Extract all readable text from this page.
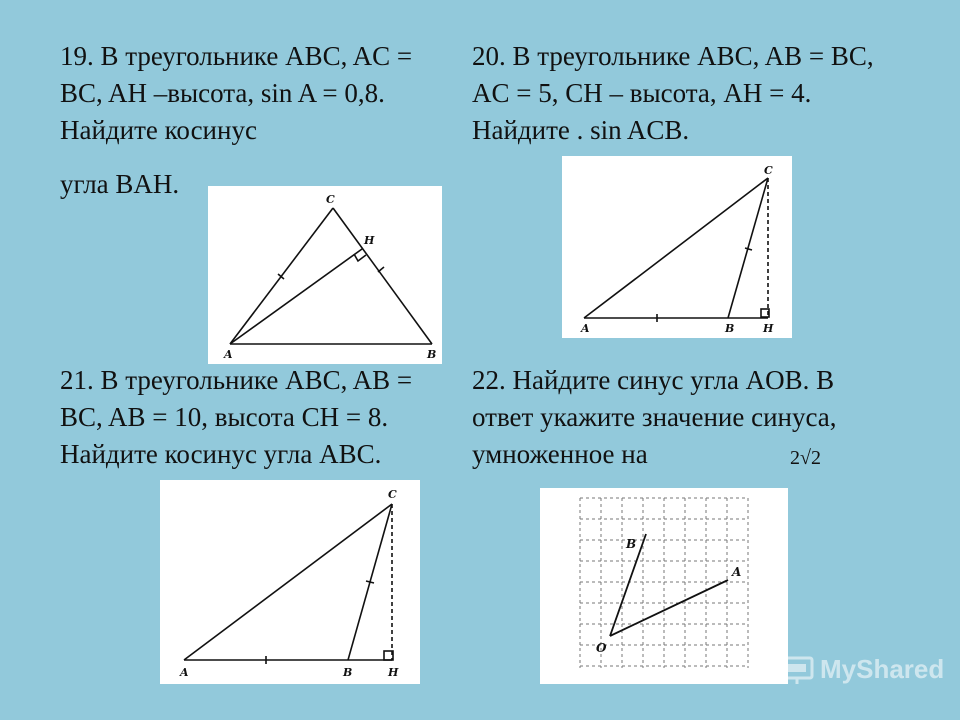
19. В треугольнике ABC, AC = BC, AH –высота, sin A = 0,8. Найдите косинус
угла BAH.
A	B
C
H
20. В треугольнике ABC, AB = BC, AC = 5, CH – высота, AH = 4. Найдите . sin ACB.
A	B
C
H
21. В треугольнике ABC, AB = BC, AB = 10, высота CH = 8. Найдите косинус угла ABC.
A	B
C
H
22. Найдите синус угла AOB. В ответ укажите значение синуса, умноженное на	2√2
O
A
B
MyShared
